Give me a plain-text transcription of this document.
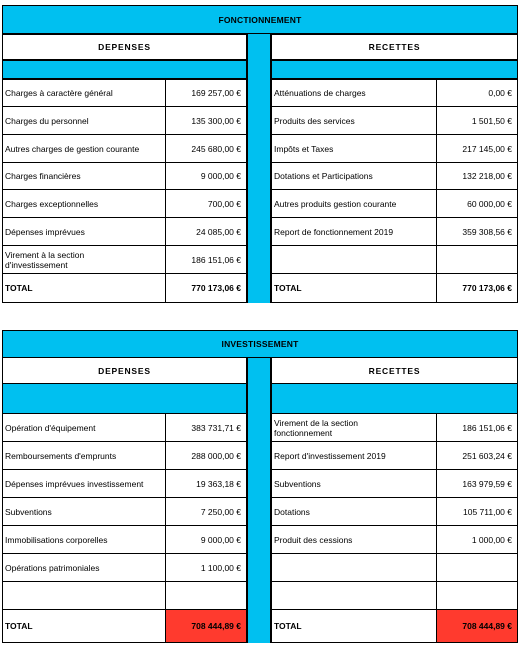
FONCTIONNEMENT
DEPENSES	RECETTES
Charges à caractère général	169 257,00 €	Atténuations de charges	0,00 €
Charges du personnel	135 300,00 €	Produits des services	1 501,50 €
Autres charges de gestion courante	245 680,00 €	Impôts et Taxes	217 145,00 €
Charges financières	9 000,00 €	Dotations et Participations	132 218,00 €
Charges exceptionnelles	700,00 €	Autres produits gestion courante	60 000,00 €
Dépenses imprévues	24 085,00 €	Report de fonctionnement 2019	359 308,56 €
Virement à la section d'investissement	186 151,06 €
TOTAL	770 173,06 €	TOTAL	770 173,06 €
INVESTISSEMENT
DEPENSES	RECETTES
Opération d'équipement	383 731,71 €	Virement de la section fonctionnement	186 151,06 €
Remboursements d'emprunts	288 000,00 €	Report d'investissement 2019	251 603,24 €
Dépenses imprévues investissement	19 363,18 €	Subventions	163 979,59 €
Subventions	7 250,00 €	Dotations	105 711,00 €
Immobilisations corporelles	9 000,00 €	Produit des cessions	1 000,00 €
Opérations patrimoniales	1 100,00 €
TOTAL	708 444,89 €	TOTAL	708 444,89 €
